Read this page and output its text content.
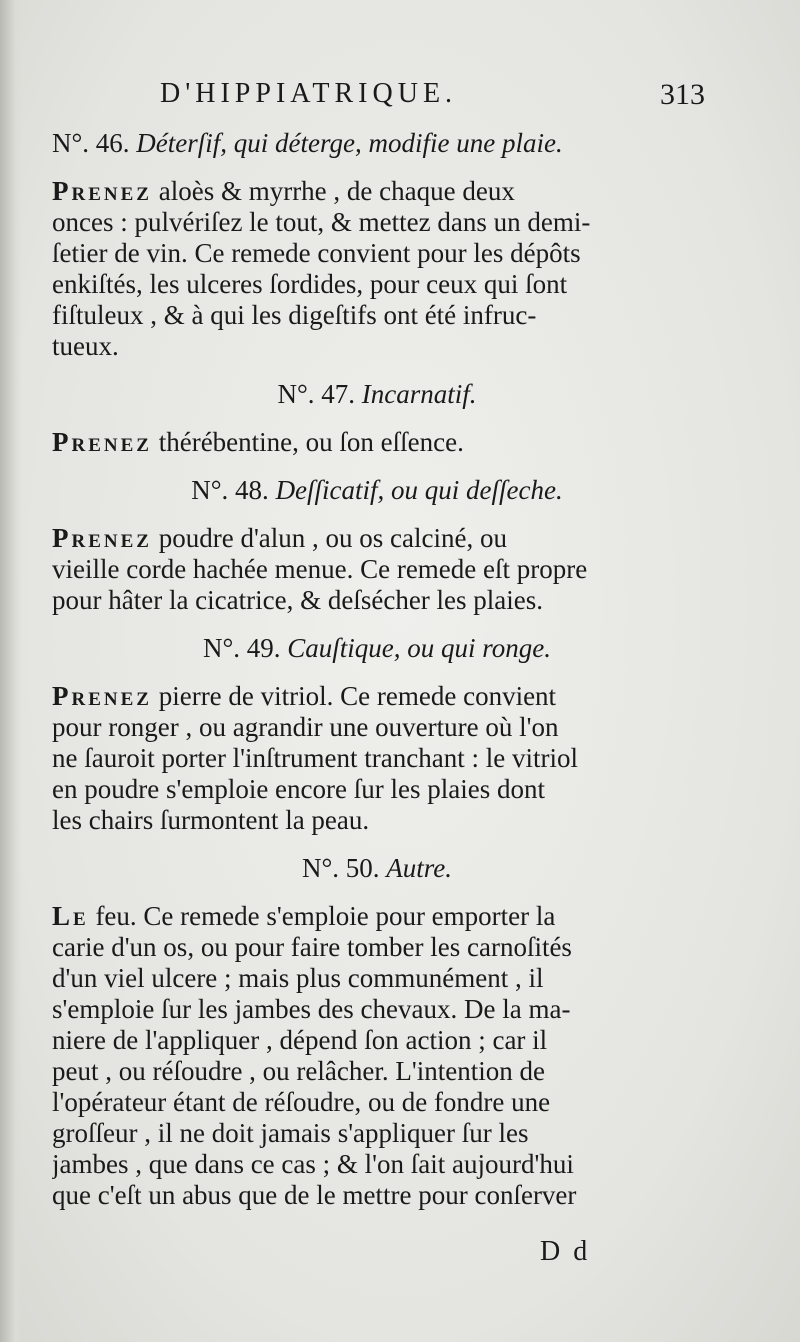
D'HIPPIATRIQUE.	313
N°. 46. Déterſif, qui déterge, modifie une plaie.
Prenez aloès & myrrhe , de chaque deux
onces : pulvériſez le tout, & mettez dans un demi-
ſetier de vin. Ce remede convient pour les dépôts
enkiſtés, les ulceres ſordides, pour ceux qui ſont
fiſtuleux , & à qui les digeſtifs ont été infruc-
tueux.
N°. 47. Incarnatif.
Prenez thérébentine, ou ſon eſſence.
N°. 48. Deſſicatif, ou qui deſſeche.
Prenez poudre d'alun , ou os calciné, ou
vieille corde hachée menue. Ce remede eſt propre
pour hâter la cicatrice, & deſsécher les plaies.
N°. 49. Cauſtique, ou qui ronge.
Prenez pierre de vitriol. Ce remede convient
pour ronger , ou agrandir une ouverture où l'on
ne ſauroit porter l'inſtrument tranchant : le vitriol
en poudre s'emploie encore ſur les plaies dont
les chairs ſurmontent la peau.
N°. 50. Autre.
Le feu. Ce remede s'emploie pour emporter la
carie d'un os, ou pour faire tomber les carnoſités
d'un viel ulcere ; mais plus communément , il
s'emploie ſur les jambes des chevaux. De la ma-
niere de l'appliquer , dépend ſon action ; car il
peut , ou réſoudre , ou relâcher. L'intention de
l'opérateur étant de réſoudre, ou de fondre une
groſſeur , il ne doit jamais s'appliquer ſur les
jambes , que dans ce cas ; & l'on ſait aujourd'hui
que c'eſt un abus que de le mettre pour conſerver
D d
